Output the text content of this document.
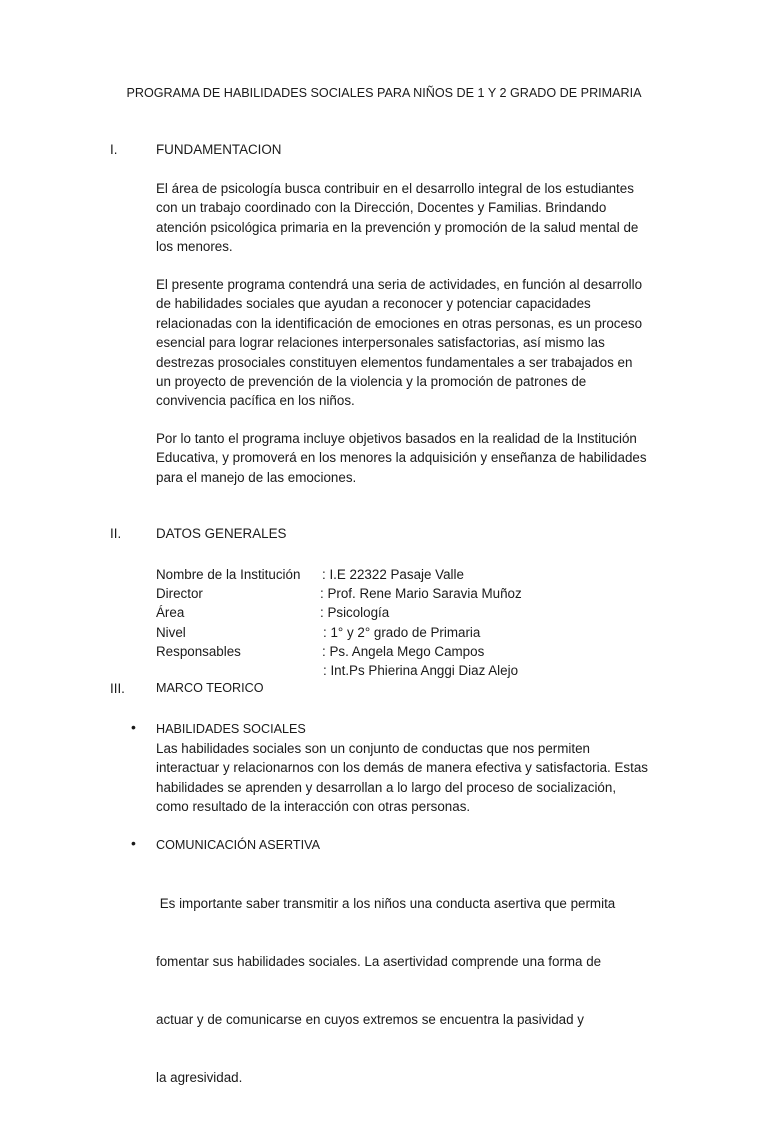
PROGRAMA DE HABILIDADES SOCIALES PARA NIÑOS DE 1 Y 2 GRADO DE PRIMARIA
I.	FUNDAMENTACION
El área de psicología busca contribuir en el desarrollo integral de los estudiantes
con un trabajo coordinado con la Dirección, Docentes y Familias. Brindando
atención psicológica primaria en la prevención y promoción de la salud mental de
los menores.
El presente programa contendrá una seria de actividades, en función al desarrollo
de habilidades sociales que ayudan a reconocer y potenciar capacidades
relacionadas con la identificación de emociones en otras personas, es un proceso
esencial para lograr relaciones interpersonales satisfactorias, así mismo las
destrezas prosociales constituyen elementos fundamentales a ser trabajados en
un proyecto de prevención de la violencia y la promoción de patrones de
convivencia pacífica en los niños.
Por lo tanto el programa incluye objetivos basados en la realidad de la Institución
Educativa, y promoverá en los menores la adquisición y enseñanza de habilidades
para el manejo de las emociones.
II.	DATOS GENERALES
Nombre de la Institución : I.E 22322 Pasaje Valle
Director	: Prof. Rene Mario Saravia Muñoz
Área	: Psicología
Nivel	: 1° y 2° grado de Primaria
Responsables	: Ps. Angela Mego Campos
: Int.Ps Phierina Anggi Diaz Alejo
III. MARCO TEORICO
• HABILIDADES SOCIALES
Las habilidades sociales son un conjunto de conductas que nos permiten
interactuar y relacionarnos con los demás de manera efectiva y satisfactoria. Estas
habilidades se aprenden y desarrollan a lo largo del proceso de socialización,
como resultado de la interacción con otras personas.
• COMUNICACIÓN ASERTIVA

Es importante saber transmitir a los niños una conducta asertiva que permita

fomentar sus habilidades sociales. La asertividad comprende una forma de

actuar y de comunicarse en cuyos extremos se encuentra la pasividad y

la agresividad.
